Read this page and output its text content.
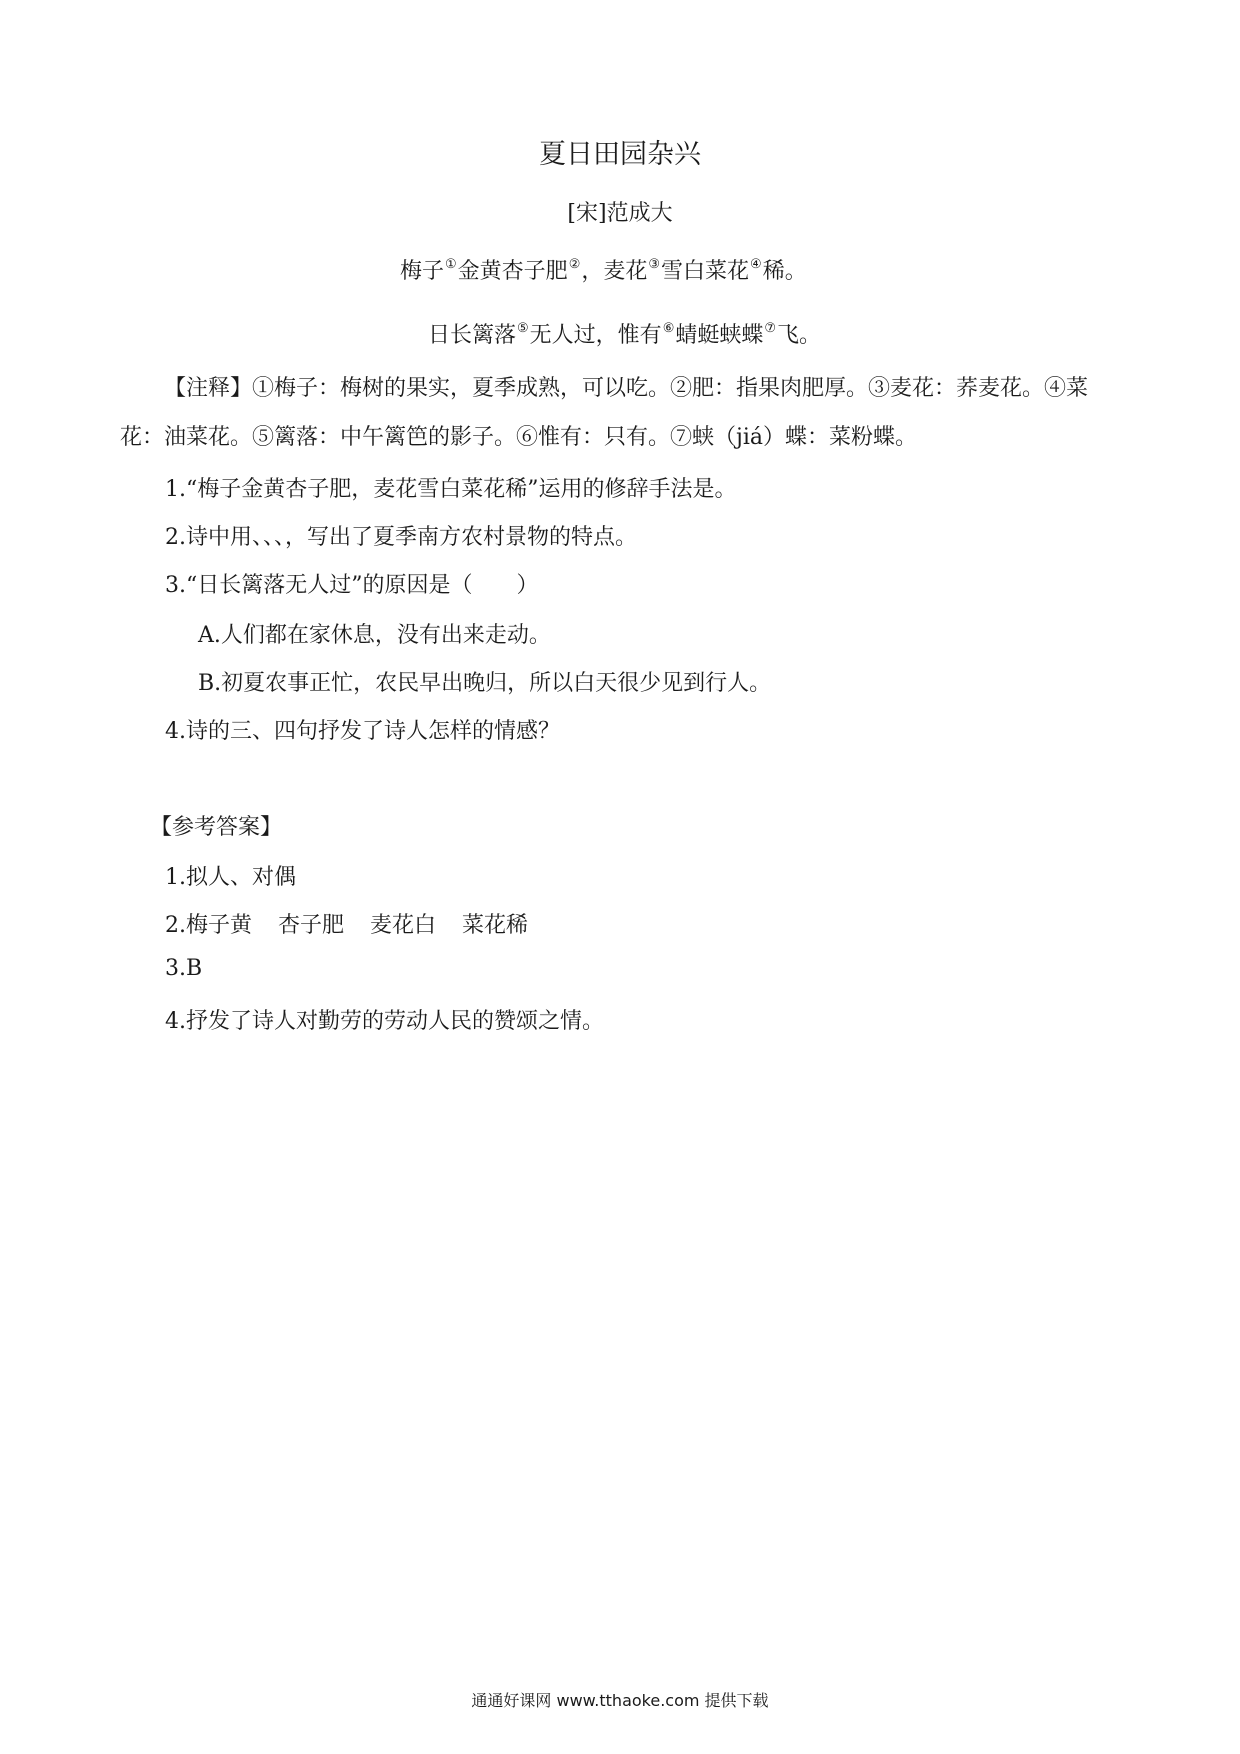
夏日田园杂兴
[宋]范成大
梅子①金黄杏子肥②，麦花③雪白菜花④稀。
日长篱落⑤无人过，惟有⑥蜻蜓蛱蝶⑦飞。
【注释】①梅子：梅树的果实，夏季成熟，可以吃。②肥：指果肉肥厚。③麦花：荞麦花。④菜花：油菜花。⑤篱落：中午篱笆的影子。⑥惟有：只有。⑦蛱（jiá）蝶：菜粉蝶。
1.“梅子金黄杏子肥，麦花雪白菜花稀”运用的修辞手法是。
2.诗中用、、、，写出了夏季南方农村景物的特点。
3.“日长篱落无人过”的原因是（　　）
A.人们都在家休息，没有出来走动。
B.初夏农事正忙，农民早出晚归，所以白天很少见到行人。
4.诗的三、四句抒发了诗人怎样的情感？
【参考答案】
1.拟人、对偶
2.梅子黄 杏子肥 麦花白 菜花稀
3.B
4.抒发了诗人对勤劳的劳动人民的赞颂之情。
通通好课网 www.tthaoke.com 提供下载
